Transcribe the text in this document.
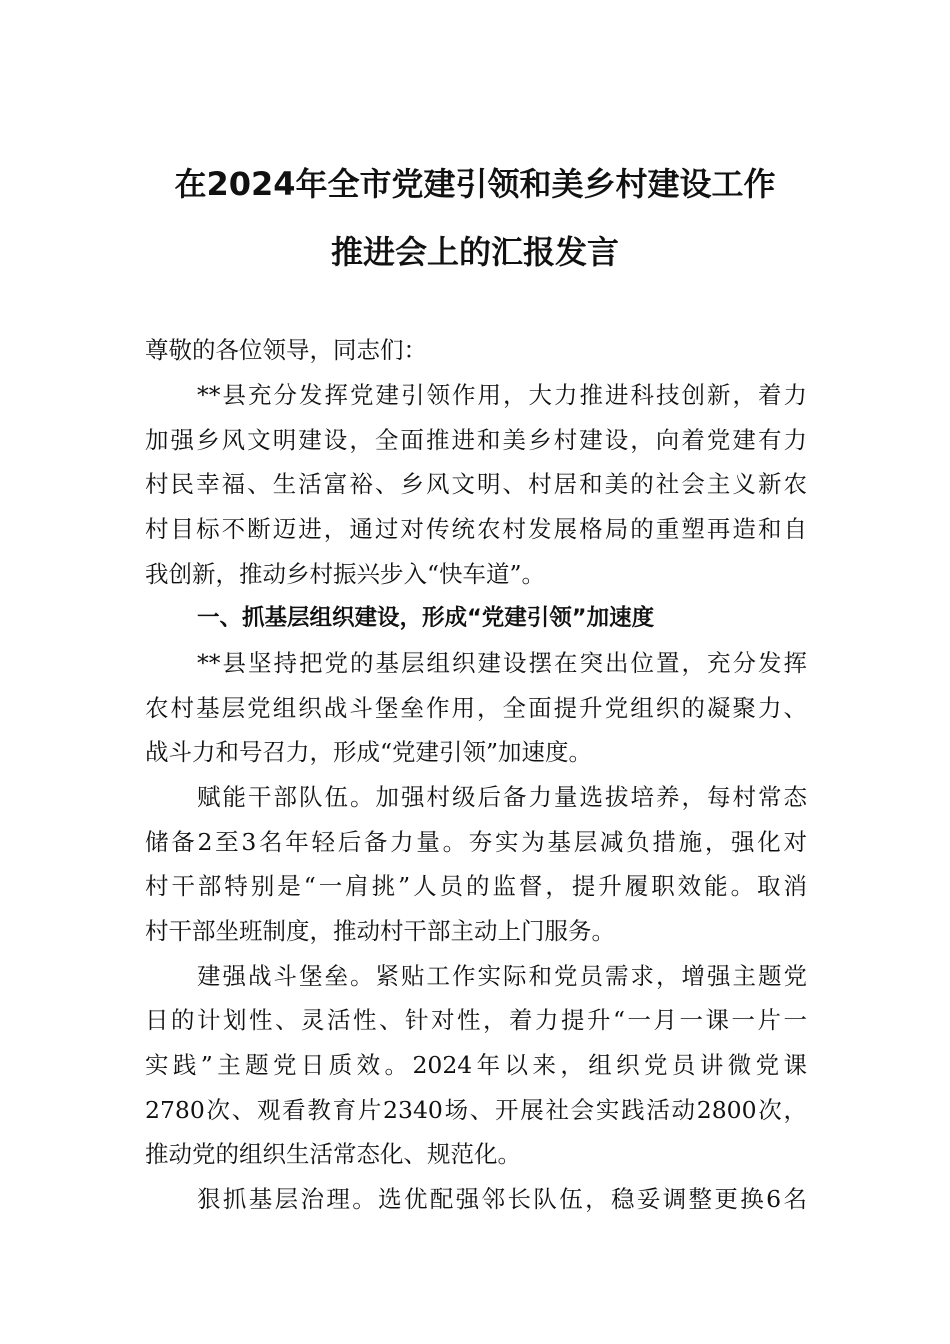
在2024年全市党建引领和美乡村建设工作
推进会上的汇报发言
尊敬的各位领导，同志们：
**县充分发挥党建引领作用，大力推进科技创新，着力
加强乡风文明建设，全面推进和美乡村建设，向着党建有力
村民幸福、生活富裕、乡风文明、村居和美的社会主义新农
村目标不断迈进，通过对传统农村发展格局的重塑再造和自
我创新，推动乡村振兴步入“快车道”。
一、抓基层组织建设，形成“党建引领”加速度
**县坚持把党的基层组织建设摆在突出位置，充分发挥
农村基层党组织战斗堡垒作用，全面提升党组织的凝聚力、
战斗力和号召力，形成“党建引领”加速度。
赋能干部队伍。加强村级后备力量选拔培养，每村常态
储备2至3名年轻后备力量。夯实为基层减负措施，强化对
村干部特别是“一肩挑”人员的监督，提升履职效能。取消
村干部坐班制度，推动村干部主动上门服务。
建强战斗堡垒。紧贴工作实际和党员需求，增强主题党
日的计划性、灵活性、针对性，着力提升“一月一课一片一
实践”主题党日质效。2024年以来，组织党员讲微党课
2780次、观看教育片2340场、开展社会实践活动2800次，
推动党的组织生活常态化、规范化。
狠抓基层治理。选优配强邻长队伍，稳妥调整更换6名
